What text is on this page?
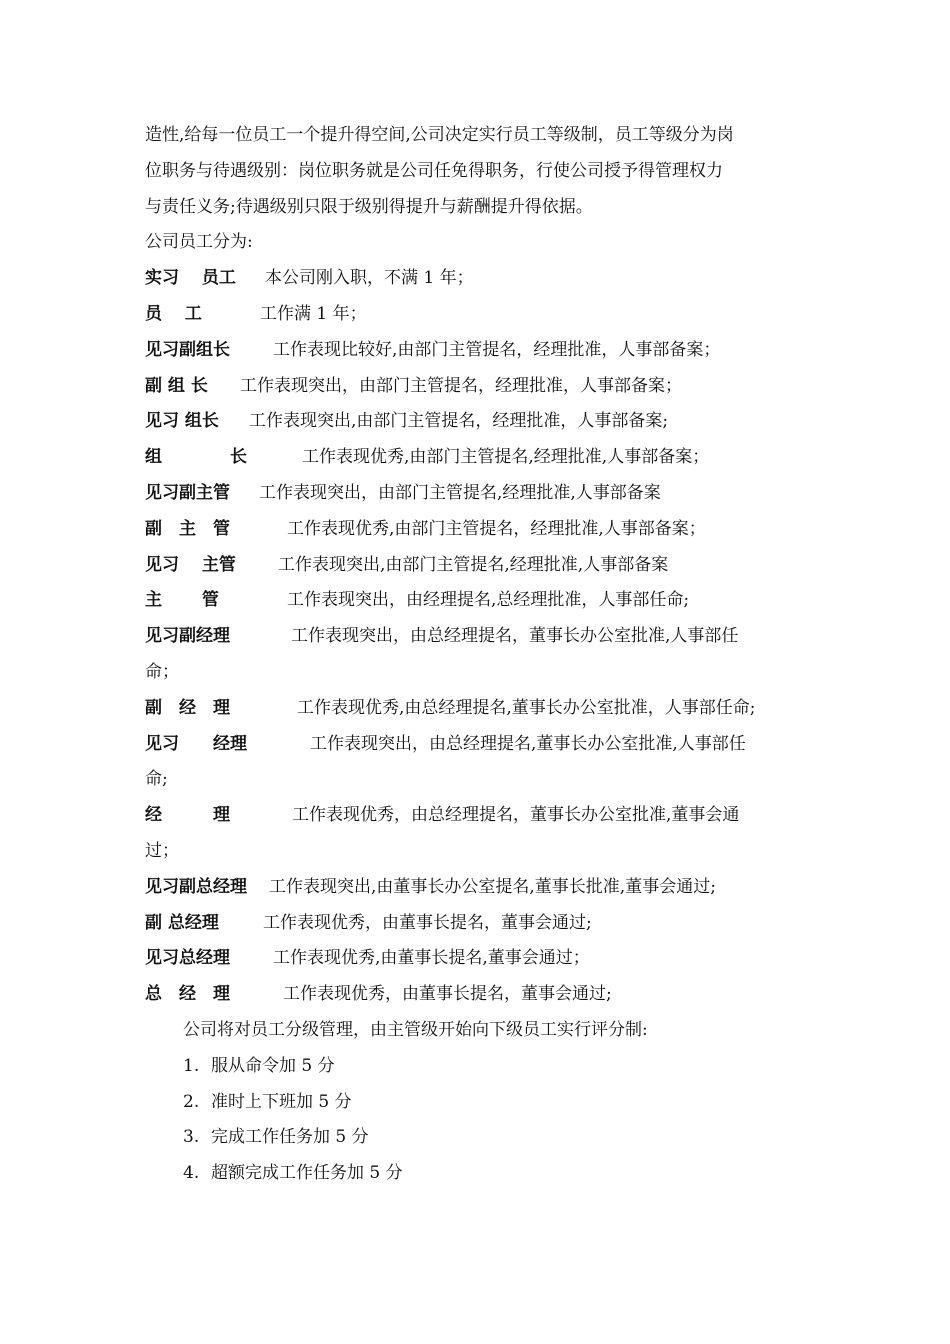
造性,给每一位员工一个提升得空间,公司决定实行员工等级制，员工等级分为岗
位职务与待遇级别：岗位职务就是公司任免得职务，行使公司授予得管理权力
与责任义务;待遇级别只限于级别得提升与薪酬提升得依据。
公司员工分为:
实习　 员工 本公司刚入职，不满 1 年；
员　 工	工作满 1 年；
见习副组长	工作表现比较好,由部门主管提名，经理批准，人事部备案；
副 组 长 工作表现突出，由部门主管提名，经理批准，人事部备案；
见习 组长 工作表现突出,由部门主管提名，经理批准，人事部备案;
组　　　　长	工作表现优秀,由部门主管提名,经理批准,人事部备案；
见习副主管 工作表现突出，由部门主管提名,经理批准,人事部备案
副　主　管	工作表现优秀,由部门主管提名，经理批准,人事部备案；
见习　 主管 工作表现突出,由部门主管提名,经理批准,人事部备案
主　　 管	工作表现突出，由经理提名,总经理批准，人事部任命;
见习副经理	工作表现突出，由总经理提名，董事长办公室批准,人事部任
命；
副　经　理	工作表现优秀,由总经理提名,董事长办公室批准，人事部任命;
见习　　经理	工作表现突出，由总经理提名,董事长办公室批准,人事部任
命;
经　　　理	工作表现优秀，由总经理提名，董事长办公室批准,董事会通
过；
见习副总经理 工作表现突出,由董事长办公室提名,董事长批准,董事会通过;
副 总经理	工作表现优秀，由董事长提名，董事会通过;
见习总经理	工作表现优秀,由董事长提名,董事会通过；
总　经　理	工作表现优秀，由董事长提名，董事会通过;
公司将对员工分级管理，由主管级开始向下级员工实行评分制:
1. 服从命令加 5 分
2. 准时上下班加 5 分
3. 完成工作任务加 5 分
4. 超额完成工作任务加 5 分
